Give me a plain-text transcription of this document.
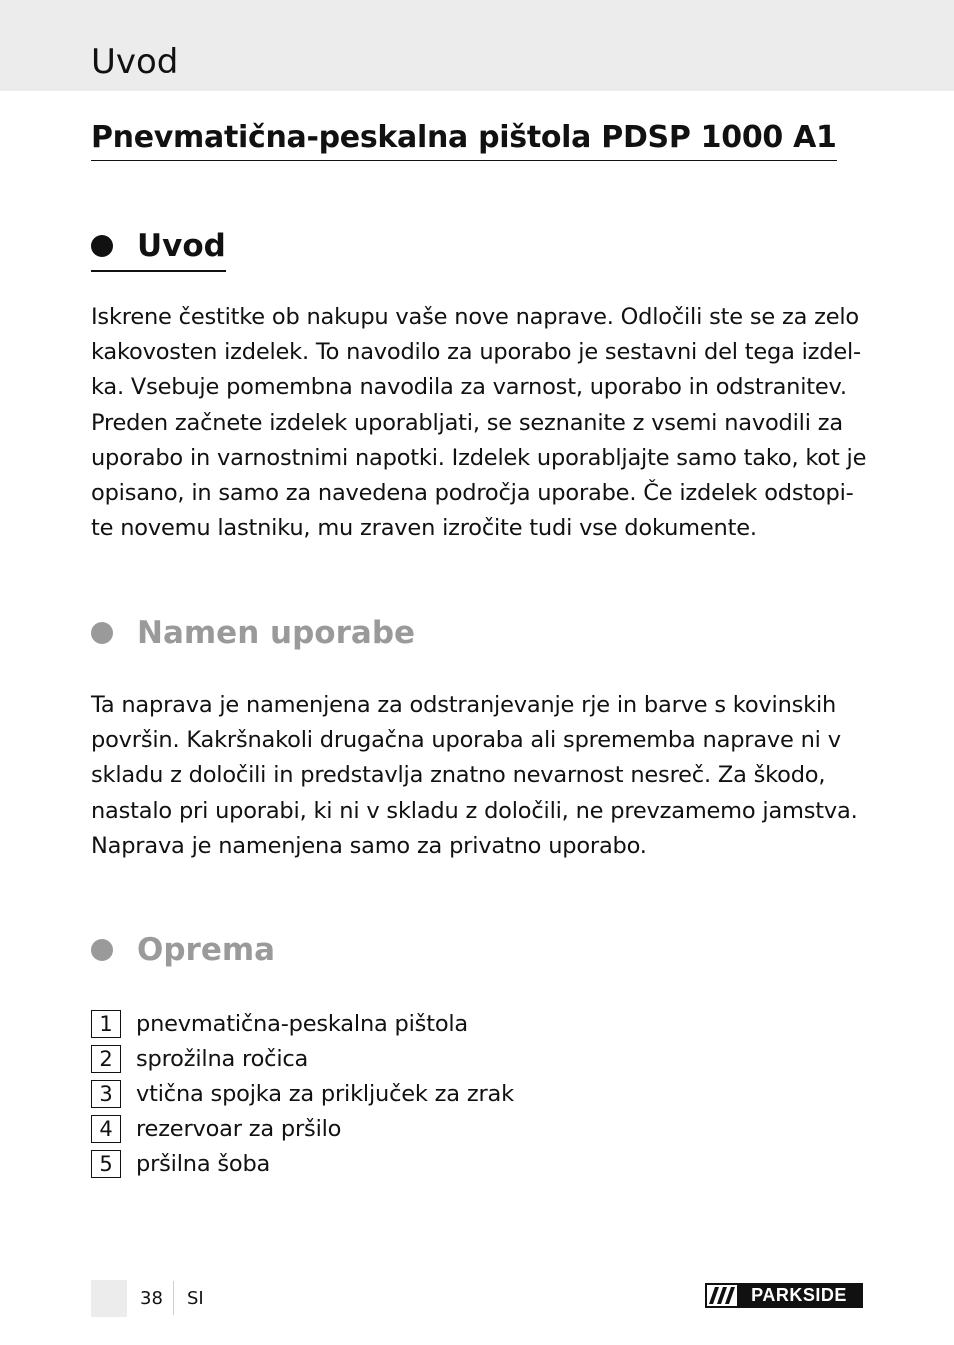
Uvod
Pnevmatična-peskalna pištola PDSP 1000 A1
Uvod

Iskrene čestitke ob nakupu vaše nove naprave. Odločili ste se za zelo
kakovosten izdelek. To navodilo za uporabo je sestavni del tega izdel-
ka. Vsebuje pomembna navodila za varnost, uporabo in odstranitev.
Preden začnete izdelek uporabljati, se seznanite z vsemi navodili za
uporabo in varnostnimi napotki. Izdelek uporabljajte samo tako, kot je
opisano, in samo za navedena področja uporabe. Če izdelek odstopi-
te novemu lastniku, mu zraven izročite tudi vse dokumente.

Namen uporabe

Ta naprava je namenjena za odstranjevanje rje in barve s kovinskih
površin. Kakršnakoli drugačna uporaba ali sprememba naprave ni v
skladu z določili in predstavlja znatno nevarnost nesreč. Za škodo,
nastalo pri uporabi, ki ni v skladu z določili, ne prevzamemo jamstva.
Naprava je namenjena samo za privatno uporabo.

Oprema
1	pnevmatična-peskalna pištola
2	sprožilna ročica
3	vtična spojka za priključek za zrak
4	rezervoar za pršilo
5	pršilna šoba
38 SI	PARKSIDE
